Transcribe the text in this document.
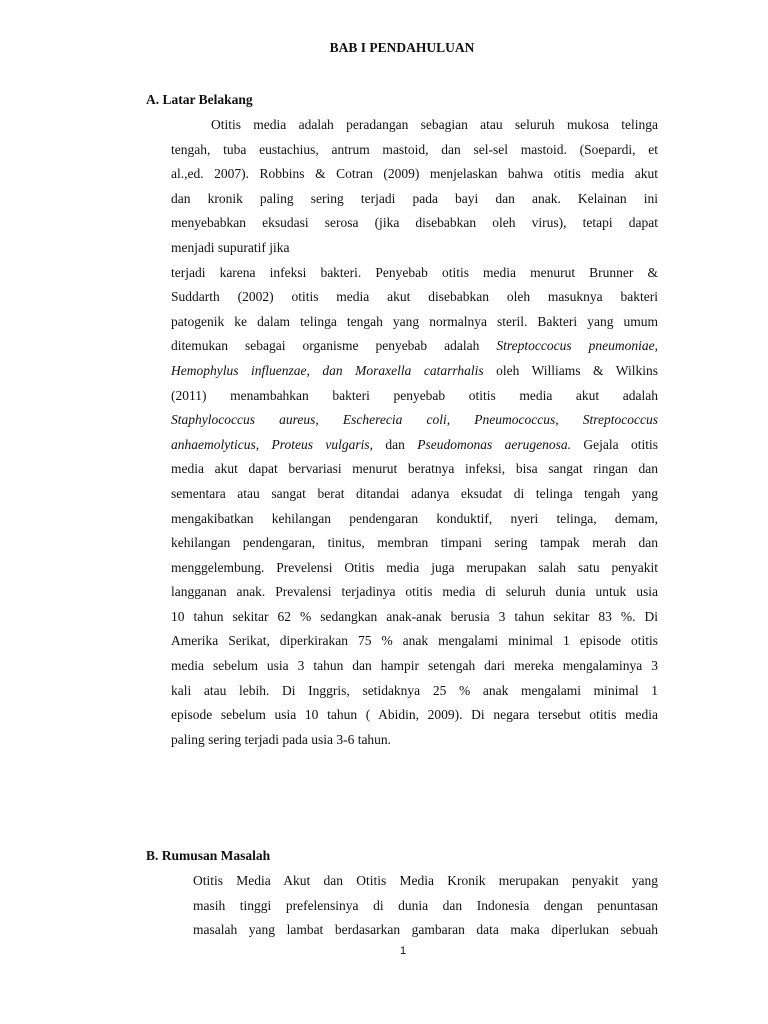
BAB I PENDAHULUAN
A. Latar Belakang
Otitis media adalah peradangan sebagian atau seluruh mukosa telinga
tengah, tuba eustachius, antrum mastoid, dan sel-sel mastoid. (Soepardi, et
al.,ed. 2007). Robbins & Cotran (2009) menjelaskan bahwa otitis media akut
dan kronik paling sering terjadi pada bayi dan anak. Kelainan ini
menyebabkan eksudasi serosa (jika disebabkan oleh virus), tetapi dapat
menjadi supuratif jika
terjadi karena infeksi bakteri. Penyebab otitis media menurut Brunner &
Suddarth (2002) otitis media akut disebabkan oleh masuknya bakteri
patogenik ke dalam telinga tengah yang normalnya steril. Bakteri yang umum
ditemukan sebagai organisme penyebab adalah Streptoccocus pneumoniae,
Hemophylus influenzae, dan Moraxella catarrhalis oleh Williams & Wilkins
(2011) menambahkan bakteri penyebab otitis media akut adalah
Staphylococcus aureus, Escherecia coli, Pneumococcus, Streptococcus
anhaemolyticus, Proteus vulgaris, dan Pseudomonas aerugenosa. Gejala otitis
media akut dapat bervariasi menurut beratnya infeksi, bisa sangat ringan dan
sementara atau sangat berat ditandai adanya eksudat di telinga tengah yang
mengakibatkan kehilangan pendengaran konduktif, nyeri telinga, demam,
kehilangan pendengaran, tinitus, membran timpani sering tampak merah dan
menggelembung. Prevelensi Otitis media juga merupakan salah satu penyakit
langganan anak. Prevalensi terjadinya otitis media di seluruh dunia untuk usia
10 tahun sekitar 62 % sedangkan anak-anak berusia 3 tahun sekitar 83 %. Di
Amerika Serikat, diperkirakan 75 % anak mengalami minimal 1 episode otitis
media sebelum usia 3 tahun dan hampir setengah dari mereka mengalaminya 3
kali atau lebih. Di Inggris, setidaknya 25 % anak mengalami minimal 1
episode sebelum usia 10 tahun ( Abidin, 2009). Di negara tersebut otitis media
paling sering terjadi pada usia 3-6 tahun.
B. Rumusan Masalah
Otitis Media Akut dan Otitis Media Kronik merupakan penyakit yang
masih tinggi prefelensinya di dunia dan Indonesia dengan penuntasan
masalah yang lambat berdasarkan gambaran data maka diperlukan sebuah
1
